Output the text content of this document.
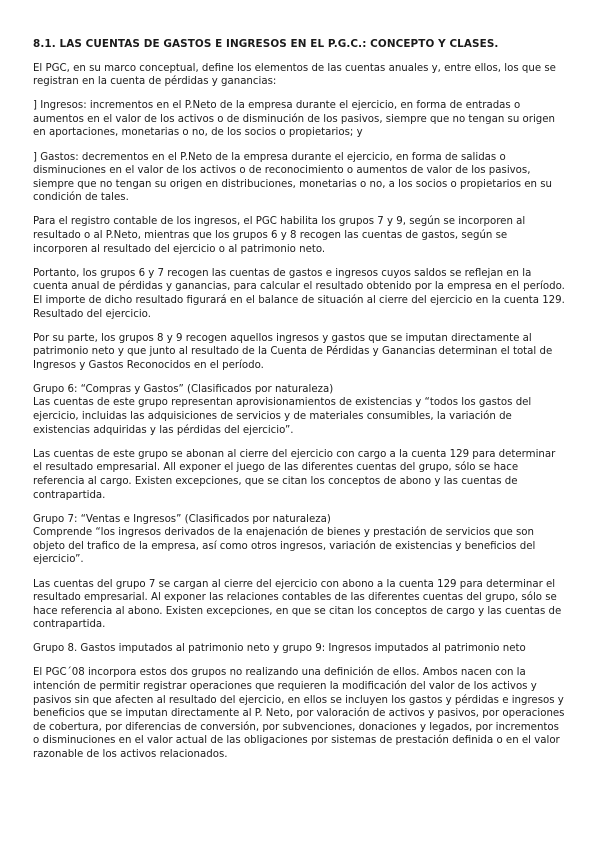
8.1. LAS CUENTAS DE GASTOS E INGRESOS EN EL P.G.C.: CONCEPTO Y CLASES.

El PGC, en su marco conceptual, define los elementos de las cuentas anuales y, entre ellos, los que se registran en la cuenta de pérdidas y ganancias:

] Ingresos: incrementos en el P.Neto de la empresa durante el ejercicio, en forma de entradas o aumentos en el valor de los activos o de disminución de los pasivos, siempre que no tengan su origen en aportaciones, monetarias o no, de los socios o propietarios; y

] Gastos: decrementos en el P.Neto de la empresa durante el ejercicio, en forma de salidas o disminuciones en el valor de los activos o de reconocimiento o aumentos de valor de los pasivos, siempre que no tengan su origen en distribuciones, monetarias o no, a los socios o propietarios en su condición de tales.

Para el registro contable de los ingresos, el PGC habilita los grupos 7 y 9, según se incorporen al resultado o al P.Neto, mientras que los grupos 6 y 8 recogen las cuentas de gastos, según se incorporen al resultado del ejercicio o al patrimonio neto.

Portanto, los grupos 6 y 7 recogen las cuentas de gastos e ingresos cuyos saldos se reflejan en la cuenta anual de pérdidas y ganancias, para calcular el resultado obtenido por la empresa en el período. El importe de dicho resultado figurará en el balance de situación al cierre del ejercicio en la cuenta 129. Resultado del ejercicio.

Por su parte, los grupos 8 y 9 recogen aquellos ingresos y gastos que se imputan directamente al patrimonio neto y que junto al resultado de la Cuenta de Pérdidas y Ganancias determinan el total de Ingresos y Gastos Reconocidos en el período.

Grupo 6: “Compras y Gastos” (Clasificados por naturaleza)
Las cuentas de este grupo representan aprovisionamientos de existencias y “todos los gastos del ejercicio, incluidas las adquisiciones de servicios y de materiales consumibles, la variación de existencias adquiridas y las pérdidas del ejercicio”.

Las cuentas de este grupo se abonan al cierre del ejercicio con cargo a la cuenta 129 para determinar el resultado empresarial. All exponer el juego de las diferentes cuentas del grupo, sólo se hace referencia al cargo. Existen excepciones, que se citan los conceptos de abono y las cuentas de contrapartida.

Grupo 7: “Ventas e Ingresos” (Clasificados por naturaleza)
Comprende “los ingresos derivados de la enajenación de bienes y prestación de servicios que son objeto del trafico de la empresa, así como otros ingresos, variación de existencias y beneficios del ejercicio”.

Las cuentas del grupo 7 se cargan al cierre del ejercicio con abono a la cuenta 129 para determinar el resultado empresarial. Al exponer las relaciones contables de las diferentes cuentas del grupo, sólo se hace referencia al abono. Existen excepciones, en que se citan los conceptos de cargo y las cuentas de contrapartida.

Grupo 8. Gastos imputados al patrimonio neto y grupo 9: Ingresos imputados al patrimonio neto

El PGC´08 incorpora estos dos grupos no realizando una definición de ellos. Ambos nacen con la intención de permitir registrar operaciones que requieren la modificación del valor de los activos y pasivos sin que afecten al resultado del ejercicio, en ellos se incluyen los gastos y pérdidas e ingresos y beneficios que se imputan directamente al P. Neto, por valoración de activos y pasivos, por operaciones de cobertura, por diferencias de conversión, por subvenciones, donaciones y legados, por incrementos o disminuciones en el valor actual de las obligaciones por sistemas de prestación definida o en el valor razonable de los activos relacionados.
